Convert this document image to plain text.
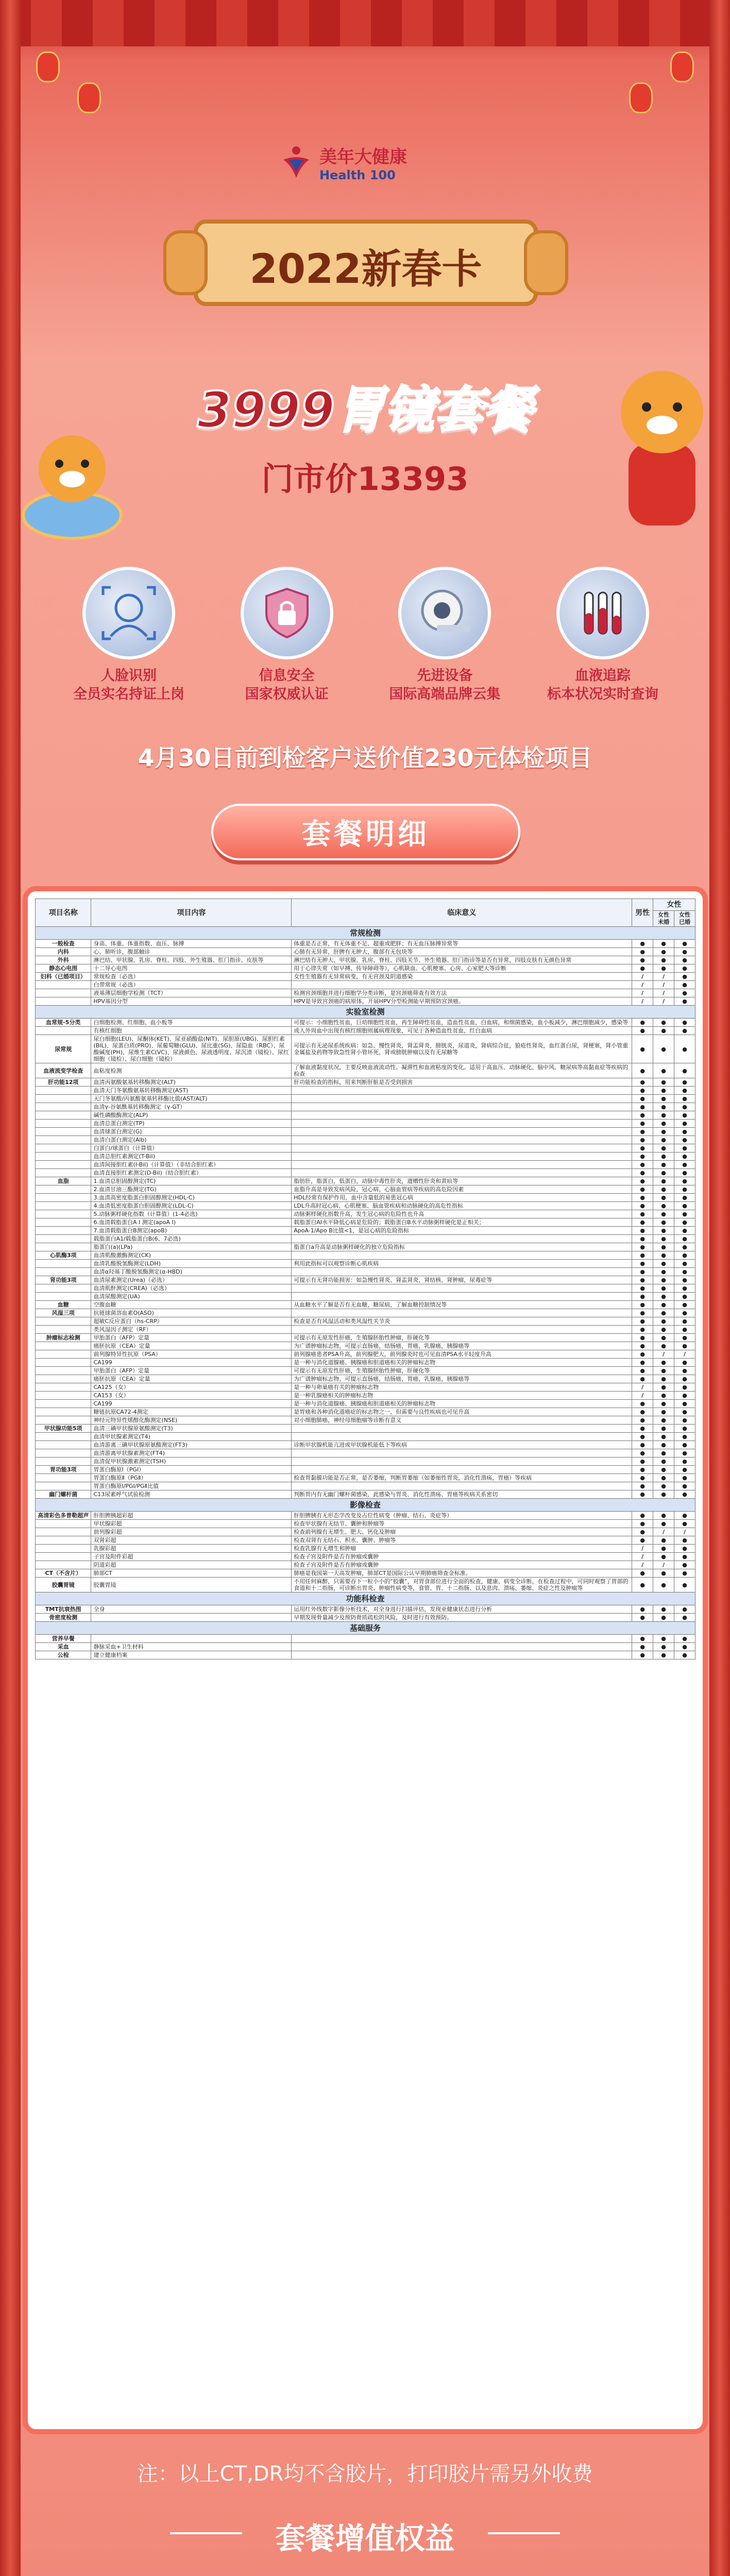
美年大健康
Health 100
2022新春卡
3999胃镜套餐
门市价13393
人脸识别
全员实名持证上岗
信息安全
国家权威认证
先进设备
国际高端品牌云集
血液追踪
标本状况实时查询
4月30日前到检客户送价值230元体检项目
套餐明细
项目名称	项目内容	临床意义	男性	女性	
				女性未婚	女性已婚
常规检测					
一般检查	身高、体重、体重指数、血压、脉搏	体重是否正常，有无体重不足、超重或肥胖；有无血压脉搏异常等	●	●	●
内科	心、肺听诊，腹部触诊	心肺有无异常，肝脾有无肿大，腹部有无包块等	●	●	●
外科	淋巴结、甲状腺、乳房、脊柱、四肢、外生殖器、肛门指诊、皮肤等	淋巴结有无肿大，甲状腺、乳房、脊柱、四肢关节、外生殖器、肛门指诊等是否有异常，四肢皮肤有无颜色异常	●	●	●
静态心电图	十二导心电图	用于心律失常（如早搏、传导障碍等），心肌缺血、心肌梗塞、心房、心室肥大等诊断	●	●	●
妇科（已婚项目）	常规检查（必选）	女性生殖器有无异常病变，有无宫颈及阴道感染	/	/	●
	白带常规（必选）		/	/	●
	液基薄层细胞学检测（TCT）	检测宫颈细胞并进行细胞学分类诊断，是宫颈癌筛查有效方法	/	/	●
	HPV基因分型	HPV是导致宫颈癌的病原体，开展HPV分型检测能早期预防宫颈癌。	/	/	●
实验室检测					
血常规-5分类	白细胞检测、红细胞、血小板等	可提示：小细胞性贫血，巨幼细胞性贫血，再生障碍性贫血，造血性贫血，白血病，和细菌感染，血小板减少，淋巴细胞减少，感染等	●	●	●
	有核红细胞	成人外周血中出现有核红细胞则属病理现象，可见于各种造血性贫血，红白血病	●	●	●
尿常规	尿白细胞(LEU)、尿酮体(KET)、尿亚硝酸盐(NIT)、尿胆原(UBG)、尿胆红素(BIL)、尿蛋白质(PRO)、尿葡萄糖(GLU)、尿比重(SG)、尿隐血（RBC）、尿酸碱度(PH)、尿维生素C(VC)、尿液颜色、尿液透明度、尿沉渣（镜检）、尿红细胞（镜检）、尿白细胞（镜检）	可提示有无泌尿系统疾病：如急、慢性肾炎，肾盂肾炎，膀胱炎，尿道炎，肾病综合征，狼疮性肾炎，血红蛋白尿，肾梗塞，肾小管重金属盐及药物等致急性肾小管坏死，肾或膀胱肿瘤以及有无尿糖等	●	●	●
血液流变学检查	血粘度检测	了解血液黏度状况，主要反映血液流动性、凝滞性和血液粘度的变化。适用于高血压、动脉硬化、脑中风、糖尿病等高黏血症等疾病的检查	●	●	●
肝功能12项	血清丙氨酸氨基转移酶测定(ALT)	肝功能检查的指标，用来判断肝脏是否受到损害	●	●	●
	血清天门冬氨酸氨基转移酶测定(AST)		●	●	●
	天门冬氨酸/丙氨酸氨基转移酶比值(AST/ALT)		●	●	●
	血清γ-谷氨酰基转移酶测定（γ-GT）		●	●	●
	碱性磷酸酶测定(ALP)		●	●	●
	血清总蛋白测定(TP)		●	●	●
	血清球蛋白测定(G)		●	●	●
	血清白蛋白测定(Alb)		●	●	●
	白蛋白/球蛋白（计算值）		●	●	●
	血清总胆红素测定(T-Bil)		●	●	●
	血清间接胆红素(I-Bil)（计算值）（非结合胆红素）		●	●	●
	血清直接胆红素测定(D-Bil)（结合胆红素）		●	●	●
血脂	1.血清总胆固醇测定(TC)	脂肪肝，脂蛋白，低蛋白，动脉中毒性肝炎，遗赠性肝炎和黄疸等	●	●	●
	2.血清甘油三酯测定(TG)	血脂升高是导致发病风险，冠心病，心脑血管病等疾病的高危险因素	●	●	●
	3.血清高密度脂蛋白胆固醇测定(HDL-C)	HDL经常有保护作用，血中含量低的易患冠心病	●	●	●
	4.血清低密度脂蛋白胆固醇测定(LDL-C)	LDL升高时冠心病、心肌梗塞、脑血管疾病和动脉硬化的高危性指标	●	●	●
	5.动脉粥样硬化指数（计算值）(1-4必选)	动脉粥样硬化指数升高，发生冠心病的危险性也升高	●	●	●
	6.血清载脂蛋白A I 测定(apoA I)	载脂蛋白AⅠ水平降低心病是危险的；载脂蛋白B水平动脉粥样硬化是正相关；	●	●	●
	7.血清载脂蛋白B测定(apoB)	ApoA-1/Apo B比值<1，是冠心病的危险指标	●	●	●
	载脂蛋白A1/载脂蛋白B(6、7必选)		●	●	●
	脂蛋白(a)(LPa)	脂蛋白a升高是动脉粥样硬化的独立危险指标	●	●	●
心肌酶3项	血清肌酸激酶测定(CK)		●	●	●
	血清乳酸脱氢酶测定(LDH)	利用此指标可以观察诊断心肌疾病	●	●	●
	血清α羟基丁酸脱氢酶测定(α-HBD)		●	●	●
肾功能3项	血清尿素测定(Urea)（必选）	可提示有无肾功能损害：如急慢性肾炎、肾盂肾炎、肾结核、肾肿瘤，尿毒症等	●	●	●
	血清肌酐测定(CREA)（必选）		●	●	●
	血清尿酸测定(UA)		●	●	●
血糖	空腹血糖	从血糖水平了解是否有无血糖，糖尿病，了解血糖控制情况等	●	●	●
风湿三项	抗链球菌溶血素O(ASO)		●	●	●
	超敏C反应蛋白（hs-CRP）	检查是否有风湿活动和类风湿性关节炎	●	●	●
	类风湿因子测定（RF）		●	●	●
肿瘤标志检测	甲胎蛋白（AFP）定量	可提示有无原发性肝癌，生殖腺胚胎性肿瘤，肝硬化等	●	●	●
	癌胚抗原（CEA）定量	为广谱肿瘤标志物，可提示直肠癌，结肠癌，胃癌，乳腺癌，胰腺癌等	●	●	●
	前列腺特异性抗原（PSA）	前列腺癌患者PSA升高，前列腺肥大，前列腺炎时也可见血清PSA水平轻度升高	●	/	/
	CA199	是一种与消化道腺癌、胰腺癌和胆道癌相关的肿瘤标志物	●	●	●
	甲胎蛋白（AFP）定量	可提示有无原发性肝癌，生殖腺胚胎性肿瘤，肝硬化等	●	●	●
	癌胚抗原（CEA）定量	为广谱肿瘤标志物，可提示直肠癌，结肠癌，胃癌，乳腺癌，胰腺癌等	●	●	●
	CA125（女）	是一种与卵巢癌有关的肿瘤标志物	/	●	●
	CA153（女）	是一种乳腺癌相关的肿瘤标志物	/	●	●
	CA199	是一种与消化道腺癌、胰腺癌和胆道癌相关的肿瘤标志物	●	●	●
	糖链抗原CA72-4测定	是胃癌和各种消化道癌症的标志物之一，但需要与良性疾病也可见升高	●	●	●
	神经元特异性烯醇化酶测定(NSE)	对小细胞肺癌，神经母细胞瘤等诊断有意义	●	●	●
甲状腺功能5项	血清三碘甲状腺原氨酸测定(T3)		●	●	●
	血清甲状腺素测定(T4)		●	●	●
	血清游离三碘甲状腺原氨酸测定(FT3)	诊断甲状腺机能亢进或甲状腺机能低下等疾病	●	●	●
	血清游离甲状腺素测定(FT4)		●	●	●
	血清促甲状腺激素测定(TSH)		●	●	●
胃功能3项	胃蛋白酶原Ⅰ（PGⅠ）		●	●	●
	胃蛋白酶原Ⅱ（PGⅡ）	检查胃黏膜功能是否正常，是否萎缩，判断胃萎缩（如萎缩性胃炎，消化性溃疡，胃癌）等疾病	●	●	●
	胃蛋白酶原Ⅰ/PGⅠ/PGⅡ比值		●	●	●
幽门螺杆菌	C13尿素呼气试验检测	判断胃内有无幽门螺杆菌感染，此感染与胃炎、消化性溃疡、胃癌等疾病关系密切	●	●	●
影像检查					
高清彩色多普勒超声	肝胆脾胰超彩超	肝胆脾胰有无形态学改变及占位性病变（肿瘤、结石、炎症等）	●	●	●
	甲状腺彩超	检查甲状腺有无结节、囊肿和肿瘤等	●	●	●
	前列腺彩超	检查前列腺有无增生、肥大、钙化及肿瘤	●	/	/
	双肾彩超	检查双肾有无结石、积水、囊肿、肿瘤等	●	●	●
	乳腺彩超	检查乳腺有无增生和肿瘤	/	●	●
	子宫及附件彩超	检查子宫及附件是否有肿瘤或囊肿	/	●	●
	阴道彩超	检查子宫及附件是否有肿瘤或囊肿	/	/	●
CT（不含片）	肺部CT	肺癌是我国第一大高发肿瘤，肺部CT是国际公认早期肺癌筛查金标准。	●	●	●
胶囊胃镜	胶囊胃镜	不用任何麻醉，只需要吞下一粒小小的“胶囊”，对胃食部位进行全面的检查，健康、病变全诊断，在检查过程中，可同时观察了胃部的食道和十二指肠，可诊断出胃炎、肿瘤性病变等，食管、胃、十二指肠、以及息肉、溃疡、萎缩、炎症之性及肿瘤等	●	●	●
功能科检查					
TMT抗衰热图	全身	运用红外线数字影像分析技术，对全身进行扫描评估，发现亚健康状态进行分析	●	●	●
骨密度检测		早期发现骨量减少及预防骨质疏松的风险，及时进行有效预防。	●	●	●
基础服务					
营养早餐			●	●	●
采血	静脉采血+卫生材料		●	●	●
公检	建立健康档案		●	●	●
注：以上CT,DR均不含胶片，打印胶片需另外收费
套餐增值权益
